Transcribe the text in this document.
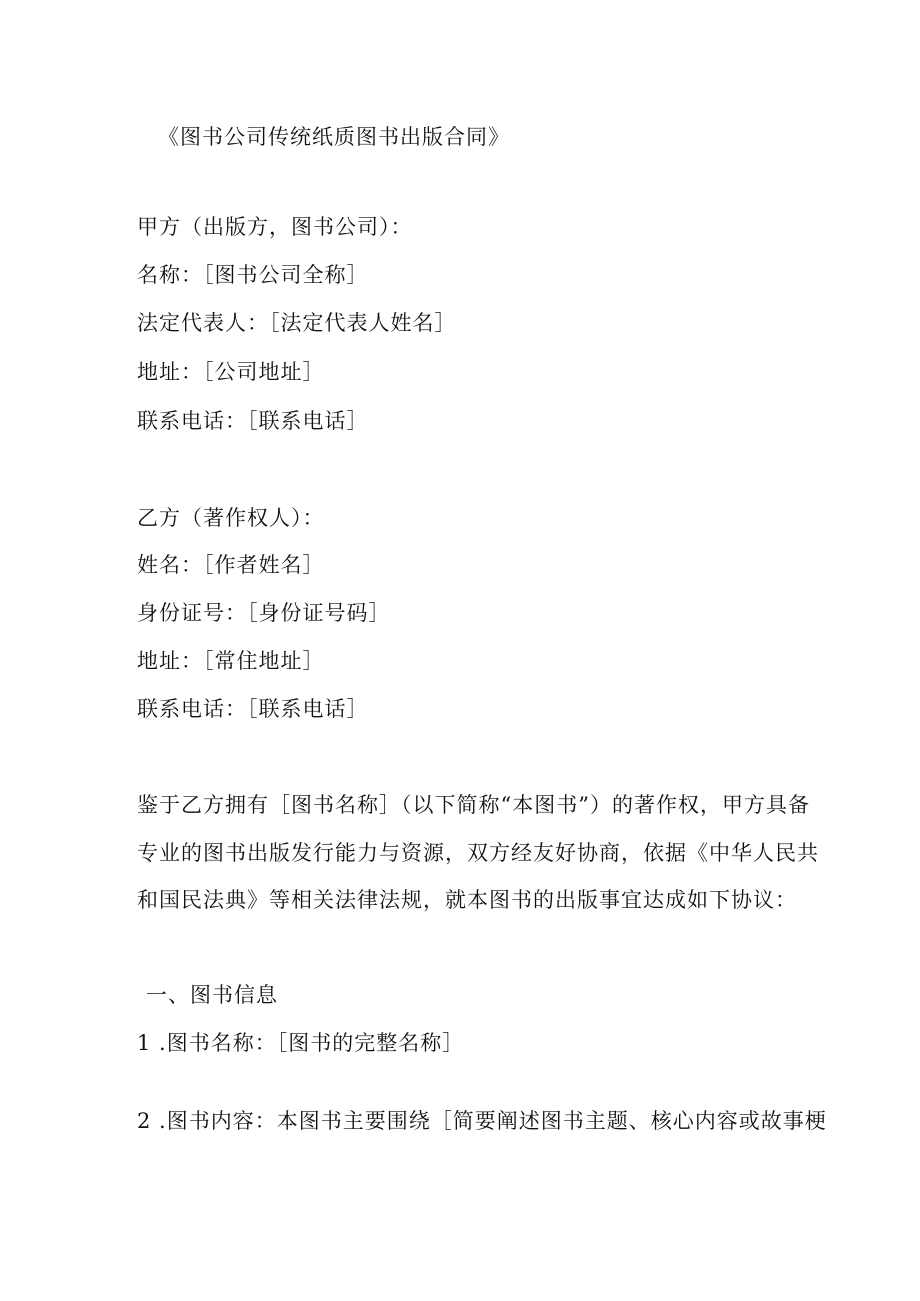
《图书公司传统纸质图书出版合同》
甲方（出版方，图书公司）：
名称：［图书公司全称］
法定代表人：［法定代表人姓名］
地址：［公司地址］
联系电话：［联系电话］
乙方（著作权人）：
姓名：［作者姓名］
身份证号：［身份证号码］
地址：［常住地址］
联系电话：［联系电话］
鉴于乙方拥有［图书名称］（以下简称“本图书”）的著作权，甲方具备
专业的图书出版发行能力与资源，双方经友好协商，依据《中华人民共
和国民法典》等相关法律法规，就本图书的出版事宜达成如下协议：
一、图书信息
1 .图书名称：［图书的完整名称］
2 .图书内容：本图书主要围绕［简要阐述图书主题、核心内容或故事梗
